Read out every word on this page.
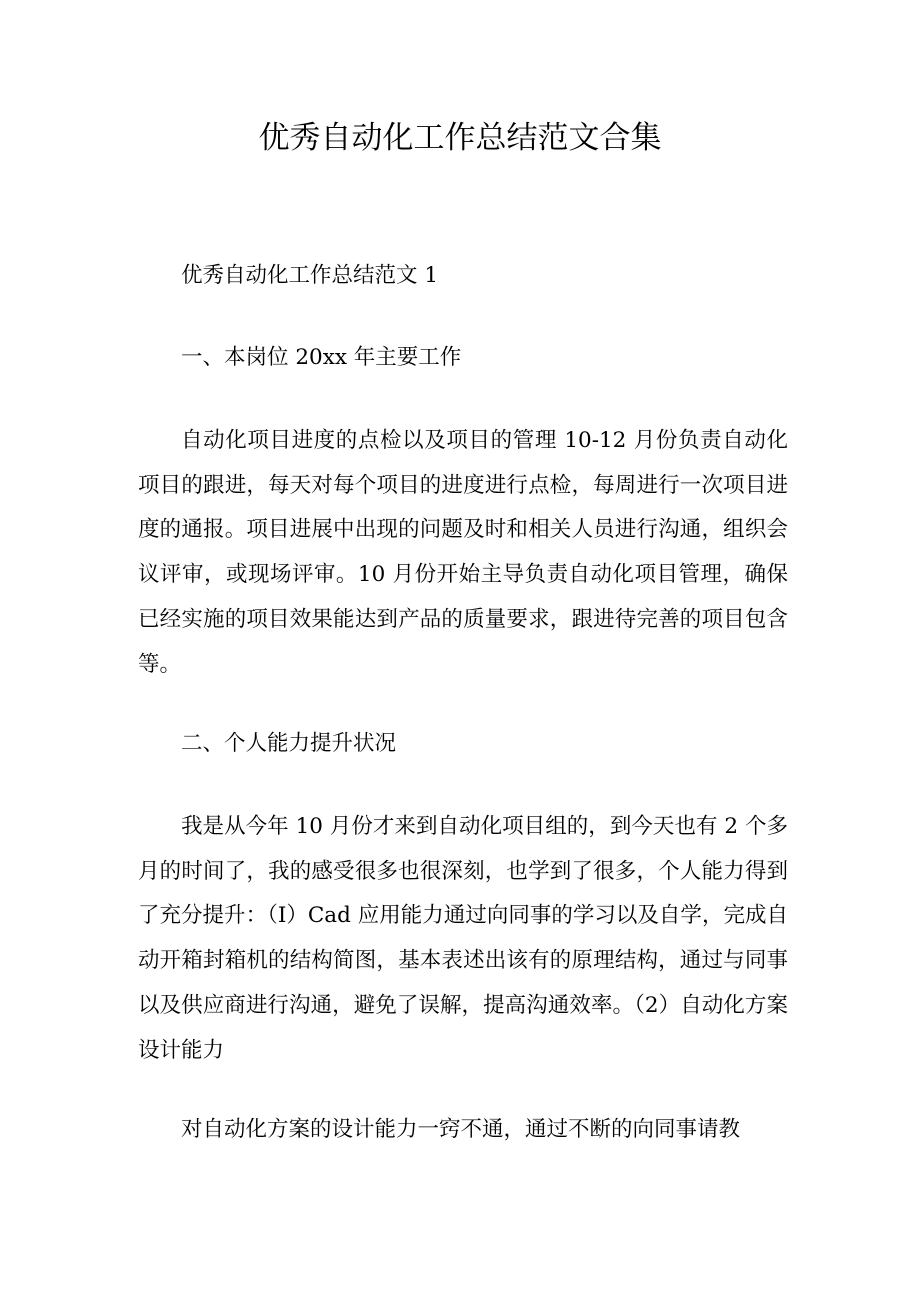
优秀自动化工作总结范文合集

优秀自动化工作总结范文 1

一、本岗位 20xx 年主要工作

自动化项目进度的点检以及项目的管理 10-12 月份负责自动化项目的跟进，每天对每个项目的进度进行点检，每周进行一次项目进度的通报。项目进展中出现的问题及时和相关人员进行沟通，组织会议评审，或现场评审。10 月份开始主导负责自动化项目管理，确保已经实施的项目效果能达到产品的质量要求，跟进待完善的项目包含等。

二、个人能力提升状况

我是从今年 10 月份才来到自动化项目组的，到今天也有 2 个多月的时间了，我的感受很多也很深刻，也学到了很多，个人能力得到了充分提升：（I）Cad 应用能力通过向同事的学习以及自学，完成自动开箱封箱机的结构简图，基本表述出该有的原理结构，通过与同事以及供应商进行沟通，避免了误解，提高沟通效率。（2）自动化方案设计能力

对自动化方案的设计能力一窍不通，通过不断的向同事请教
